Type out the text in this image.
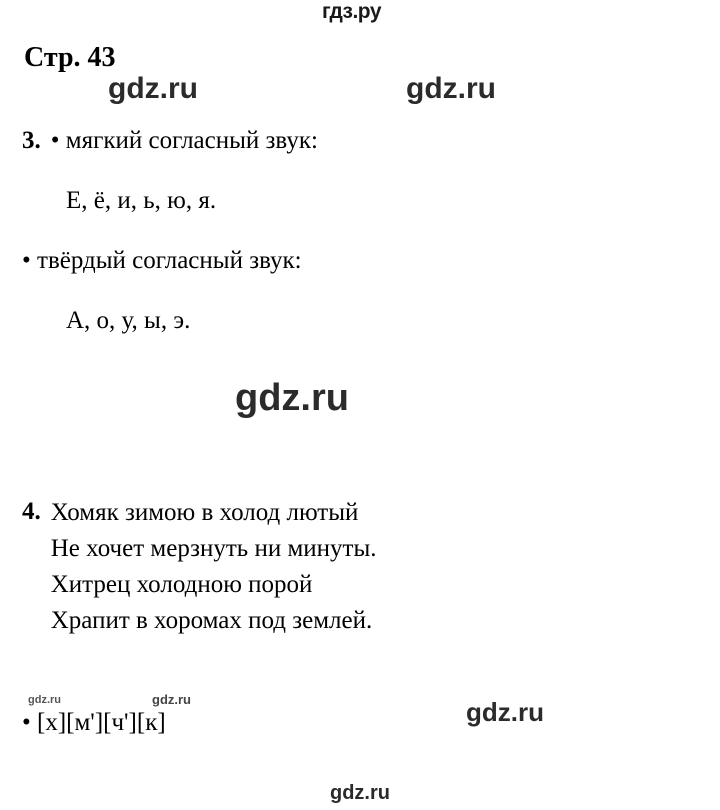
гдз.ру
Стр. 43
gdz.ru	gdz.ru
gdz.ru
gdz.ru	gdz.ru	gdz.ru
gdz.ru
3. • мягкий согласный звук:
Е, ё, и, ь, ю, я.
• твёрдый согласный звук:
А, о, у, ы, э.
4. Хомяк зимою в холод лютый
Не хочет мерзнуть ни минуты.
Хитрец холодною порой
Храпит в хоромах под землей.
• [х][м'][ч'][к]
